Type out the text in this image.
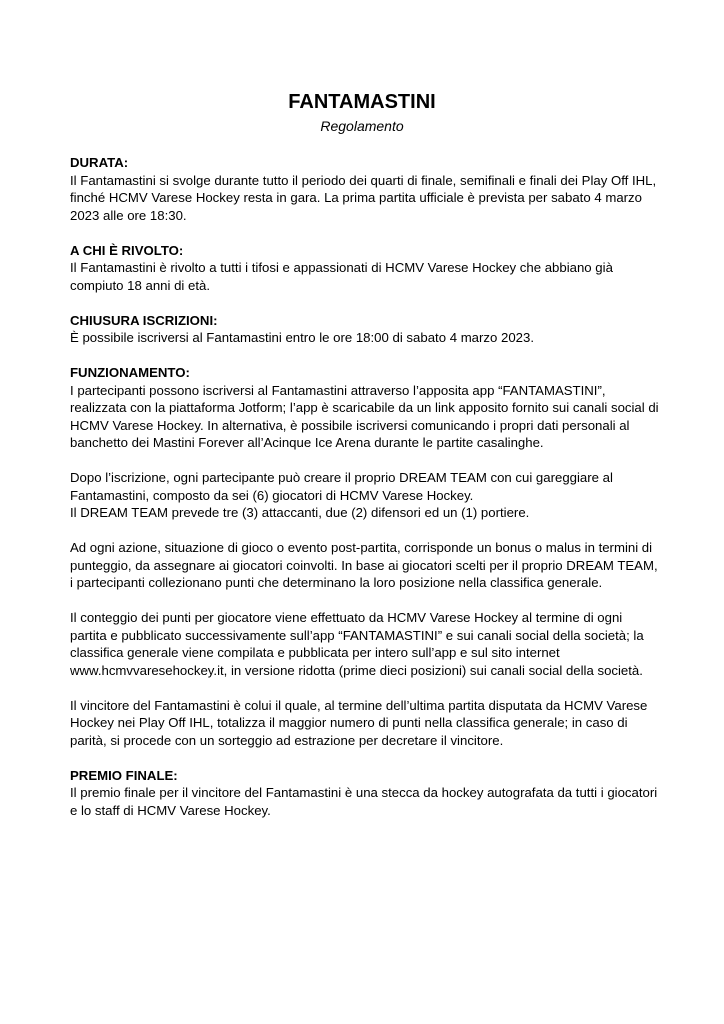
FANTAMASTINI
Regolamento

DURATA:

Il Fantamastini si svolge durante tutto il periodo dei quarti di finale, semifinali e finali dei Play Off IHL, finché HCMV Varese Hockey resta in gara. La prima partita ufficiale è prevista per sabato 4 marzo 2023 alle ore 18:30.

A CHI È RIVOLTO:

Il Fantamastini è rivolto a tutti i tifosi e appassionati di HCMV Varese Hockey che abbiano già compiuto 18 anni di età.

CHIUSURA ISCRIZIONI:

È possibile iscriversi al Fantamastini entro le ore 18:00 di sabato 4 marzo 2023.

FUNZIONAMENTO:

I partecipanti possono iscriversi al Fantamastini attraverso l’apposita app “FANTAMASTINI”, realizzata con la piattaforma Jotform; l’app è scaricabile da un link apposito fornito sui canali social di HCMV Varese Hockey. In alternativa, è possibile iscriversi comunicando i propri dati personali al banchetto dei Mastini Forever all’Acinque Ice Arena durante le partite casalinghe.

Dopo l’iscrizione, ogni partecipante può creare il proprio DREAM TEAM con cui gareggiare al Fantamastini, composto da sei (6) giocatori di HCMV Varese Hockey.

Il DREAM TEAM prevede tre (3) attaccanti, due (2) difensori ed un (1) portiere.

Ad ogni azione, situazione di gioco o evento post-partita, corrisponde un bonus o malus in termini di punteggio, da assegnare ai giocatori coinvolti. In base ai giocatori scelti per il proprio DREAM TEAM, i partecipanti collezionano punti che determinano la loro posizione nella classifica generale.

Il conteggio dei punti per giocatore viene effettuato da HCMV Varese Hockey al termine di ogni partita e pubblicato successivamente sull’app “FANTAMASTINI” e sui canali social della società; la classifica generale viene compilata e pubblicata per intero sull’app e sul sito internet www.hcmvvaresehockey.it, in versione ridotta (prime dieci posizioni) sui canali social della società.

Il vincitore del Fantamastini è colui il quale, al termine dell’ultima partita disputata da HCMV Varese Hockey nei Play Off IHL, totalizza il maggior numero di punti nella classifica generale; in caso di parità, si procede con un sorteggio ad estrazione per decretare il vincitore.

PREMIO FINALE:

Il premio finale per il vincitore del Fantamastini è una stecca da hockey autografata da tutti i giocatori e lo staff di HCMV Varese Hockey.
